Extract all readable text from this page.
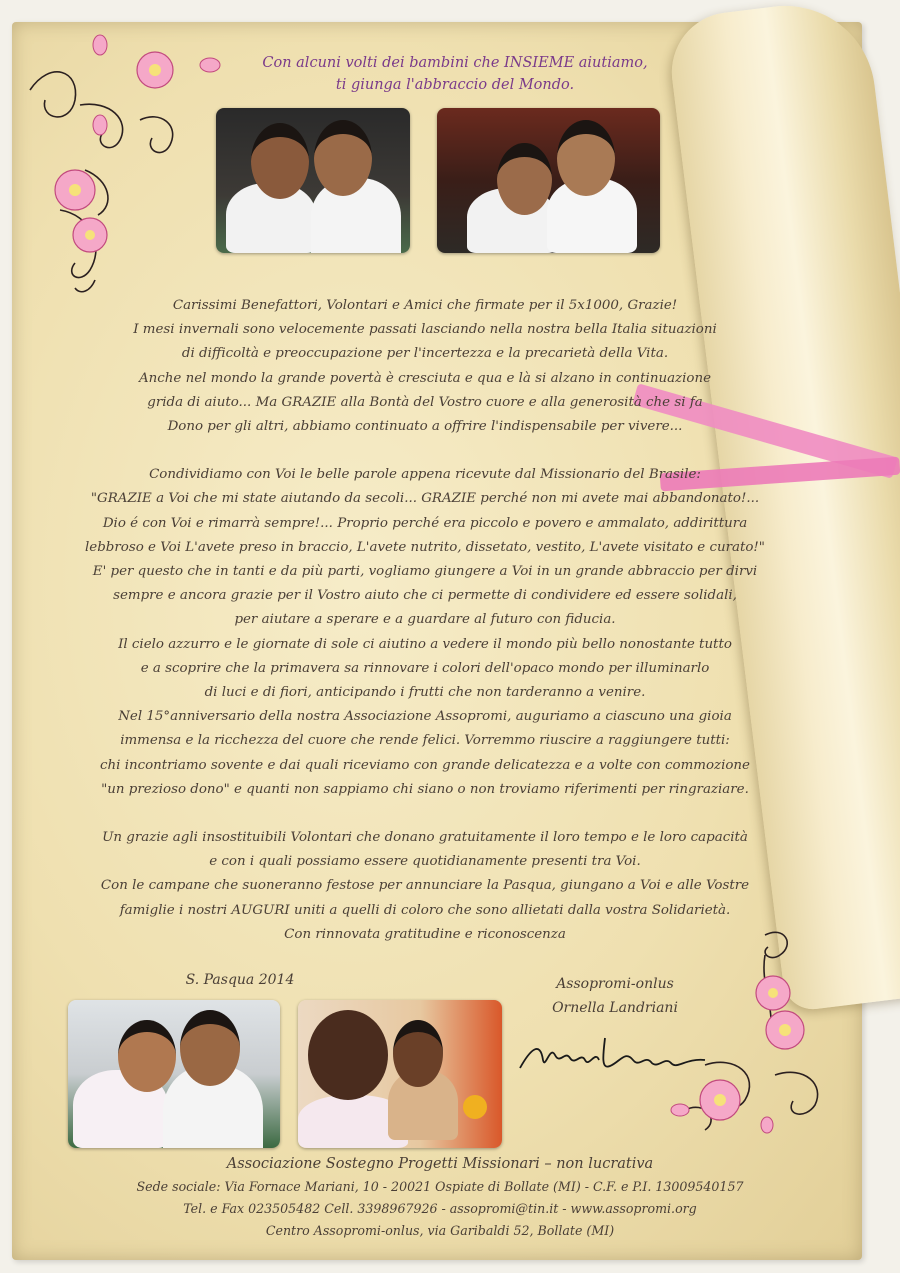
Con alcuni volti dei bambini che INSIEME aiutiamo,
ti giunga l'abbraccio del Mondo.

Carissimi Benefattori, Volontari e Amici che firmate per il 5x1000, Grazie!

I mesi invernali sono velocemente passati lasciando nella nostra bella Italia situazioni

di difficoltà e preoccupazione per l'incertezza e la precarietà della Vita.

Anche nel mondo la grande povertà è cresciuta e qua e là si alzano in continuazione

grida di aiuto... Ma GRAZIE alla Bontà del Vostro cuore e alla generosità che si fa

Dono per gli altri, abbiamo continuato a offrire l'indispensabile per vivere...

Condividiamo con Voi le belle parole appena ricevute dal Missionario del Brasile:

"GRAZIE a Voi che mi state aiutando da secoli... GRAZIE perché non mi avete mai abbandonato!...

Dio é con Voi e rimarrà sempre!... Proprio perché era piccolo e povero e ammalato, addirittura

lebbroso e Voi L'avete preso in braccio, L'avete nutrito, dissetato, vestito, L'avete visitato e curato!"

E' per questo che in tanti e da più parti, vogliamo giungere a Voi in un grande abbraccio per dirvi

sempre e ancora grazie per il Vostro aiuto che ci permette di condividere ed essere solidali,

per aiutare a sperare e a guardare al futuro con fiducia.

Il cielo azzurro e le giornate di sole ci aiutino a vedere il mondo più bello nonostante tutto

e a scoprire che la primavera sa rinnovare i colori dell'opaco mondo per illuminarlo

di luci e di fiori, anticipando i frutti che non tarderanno a venire.

Nel 15°anniversario della nostra Associazione Assopromi, auguriamo a ciascuno una gioia

immensa e la ricchezza del cuore che rende felici. Vorremmo riuscire a raggiungere tutti:

chi incontriamo sovente e dai quali riceviamo con grande delicatezza e a volte con commozione

"un prezioso dono" e quanti non sappiamo chi siano o non troviamo riferimenti per ringraziare.

Un grazie agli insostituibili Volontari che donano gratuitamente il loro tempo e le loro capacità

e con i quali possiamo essere quotidianamente presenti tra Voi.

Con le campane che suoneranno festose per annunciare la Pasqua, giungano a Voi e alle Vostre

famiglie i nostri AUGURI uniti a quelli di coloro che sono allietati dalla vostra Solidarietà.

Con rinnovata gratitudine e riconoscenza

S. Pasqua 2014	Assopromi-onlus
Ornella Landriani
Associazione Sostegno Progetti Missionari – non lucrativa
Sede sociale: Via Fornace Mariani, 10 - 20021 Ospiate di Bollate (MI) - C.F. e P.I. 13009540157
Tel. e Fax 023505482 Cell. 3398967926 - assopromi@tin.it - www.assopromi.org
Centro Assopromi-onlus, via Garibaldi 52, Bollate (MI)
